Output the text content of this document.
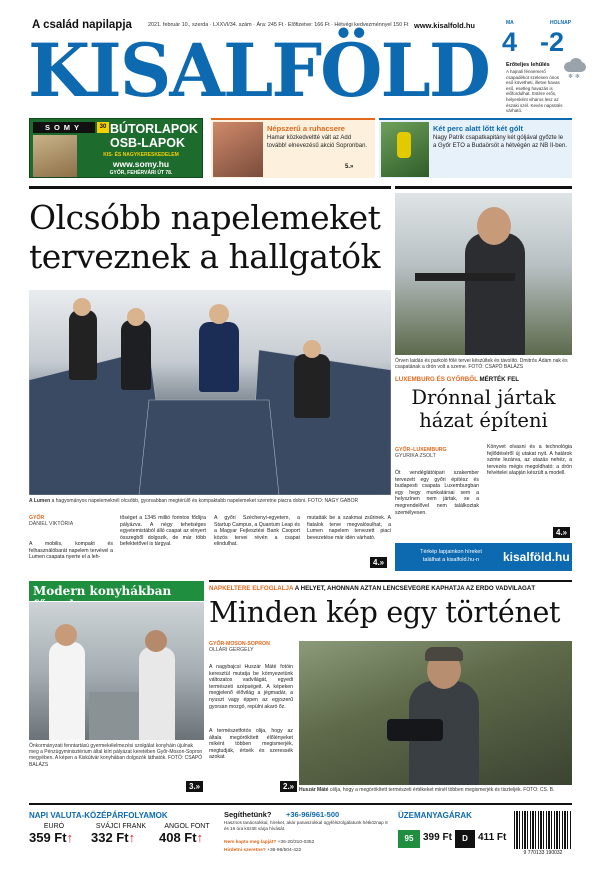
A család napilapja	2021. február 10., szerda · LXXVI/34. szám · Ára: 245 Ft · Előfizetve: 166 Ft · Hétvégi kedvezménnyel 150 Ft www.kisalfold.hu
KISALFÖLD
MA	HOLNAP
4 -2
❄ ❄
Erőteljes lehűlés
A hajnali fénnemerő csapadékot szelesen ónos eső követheti, illetve havas eső, esetleg havazás is előfordulhat. Estére erős, helyenként viharos lesz az északi szél. Kevés napsütés várható.
SOMY	30 BÚTORLAPOK
OSB-LAPOK
KIS- ÉS NAGYKERESKEDELEM
www.somy.hu
GYŐR, FEHÉRVÁRI ÚT 78.
Népszerű a ruhacsere
Hamar közkedveltté vált az Add tovább! elnevezésű akció Sopronban.
5.»
Két perc alatt lőtt két gólt
Nagy Patrik csapatkapitány két góljával győzte le a Győr ETO a Budaörsöt a hétvégén az NB II-ben.
Olcsóbb napelemeket terveznek a hallgatók
A Lumen a hagyományos napelemeknél olcsóbb, gyorsabban megtérülő és kompaktabb napelemeket szeretne piacra dobni. FOTÓ: NAGY GÁBOR
GYŐR
DÁNIEL VIKTÓRIA
A mobilis, kompakt és felhasználóbarát napelem tervével a Lumen csapata nyerte el a leh-
tőséget a 1345 millió forintos fődíjra pályázva. A négy tehetséges egyetemistából álló csapat az elnyert összegből dolgozik, de már több befektetővel is tárgyal.
A győri Széchenyi-egyetem, a Startup Campus, a Quantum Leap és a Magyar Fejlesztési Bank Csoport közös tervei révén a csapat elindulhat.
mutatták be a szakmai zsűrinek. A fiatalok terve megvalósulhat, a Lumen napelem tervezett piaci bevezetése már idén várható.
4.»
Örven laidás és parkoló fölé tervei készültek és távolító. Dmitrós Ádám nak és csapatának a drón volt a szeme. FOTÓ: CSAPÓ BALÁZS
LUXEMBURG ÉS GYŐRBŐL MÉRTÉK FEL
Drónnal jártak házat építeni
GYŐR–LUXEMBURG
GYURIKA ZSOLT
Öt vendéglátóipari szakember tervezett egy győri építész és budapesti csapata Luxemburgban egy hegy munkatársai sem a helyszínen nem jártak, se a megrendelővel nem találkoztak személyesen.
Könyvet olvasni és a technológia fejlődéséről új utakat nyit. A határok szinte lezárva, az utazás nehéz, a tervezés mégis megoldható: a drón felvételei alapján készült a modell.
4.»
Térkép lapjainkon híreket
találhat a kisalfold.hu-n	kisalföld.hu
Modern konyhákban
Önkormányzati fenntartású gyermekélelmezési szolgálat konyháin újulnak meg a Pénzügyminisztérium által kiírt pályázat keretében Győr-Moson-Sopron megyében. A képen a Kiskútvár konyhában dolgozók láthatók. FOTÓ: CSAPÓ BALÁZS
3.»
NAPKELTÉRE ELFOGLALJA A HELYET, AHONNAN AZTÁN LENCSEVÉGRE KAPHATJA AZ ERDŐ VADVILÁGÁT
Minden kép egy történet
GYŐR-MOSON-SOPRON
OLLÁRI GERGELY
A nagybajcsi Huszár Máté fotóin keresztül mutatja be környezetünk változatos vadvilágát, egyedi természeti szépségeit. A képeken megjelenő élővilág a jégmadár, a nyuszt vagy éppen az egyszerű gyorsan mozgó, repülni akaró őz.
A természetfotós olija, hogy az általa megörökített élőlényeket miként többen megismerjék, megtudják, értsék és szeressék azokat.
2.» Huszár Máté célja, hogy a megörökített természeti értékeket minél többen megismerjék és tiszteljék. FOTÓ: CS. B.
NAPI VALUTA-KÖZÉPÁRFOLYAMOK
EURÓ
359 Ft↑
SVÁJCI FRANK
332 Ft↑
ANGOL FONT
408 Ft↑
Segíthetünk? +36-96/961-500
Hasznos tanácsokkal, híreket, akár panaszokkal ügyfélszolgálatunk hétköznap 8 és 16 óra között várja hívását.
Nem kapta meg lapját? +36-20/310-0352
Hirdetni szeretne? +36-96/504-422
ÜZEMANYAGÁRAK
95 399 Ft	D	411 Ft
9 770133 190032
